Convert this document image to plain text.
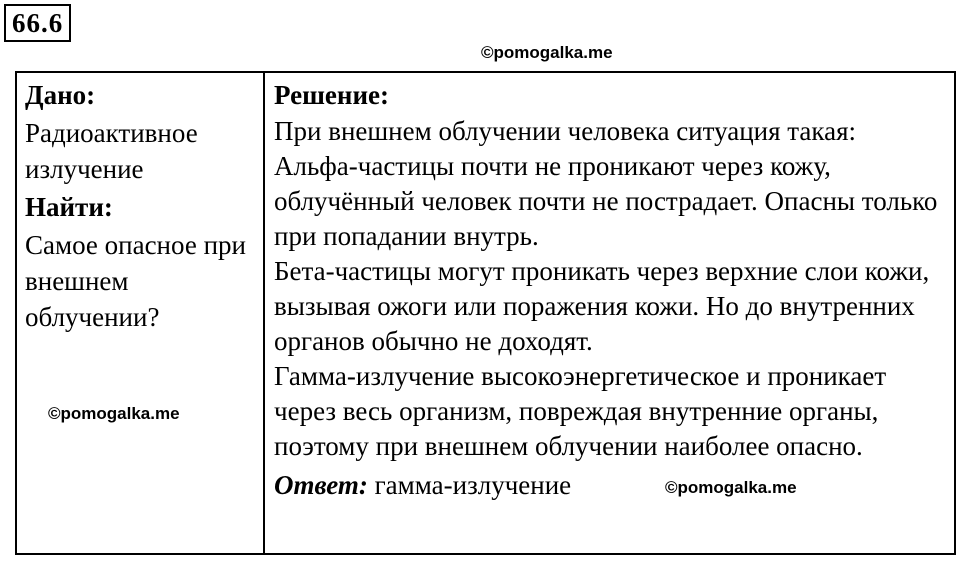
66.6
©pomogalka.me
Дано:
Радиоактивное излучение
Найти:
Самое опасное при внешнем облучении?
Решение:

При внешнем облучении человека ситуация такая:

Альфа-частицы почти не проникают через кожу, облучённый человек почти не пострадает. Опасны только при попадании внутрь.

Бета-частицы могут проникать через верхние слои кожи, вызывая ожоги или поражения кожи. Но до внутренних органов обычно не доходят.

Гамма-излучение высокоэнергетическое и проникает через весь организм, повреждая внутренние органы, поэтому при внешнем облучении наиболее опасно.

Ответ: гамма-излучение
©pomogalka.me
©pomogalka.me
